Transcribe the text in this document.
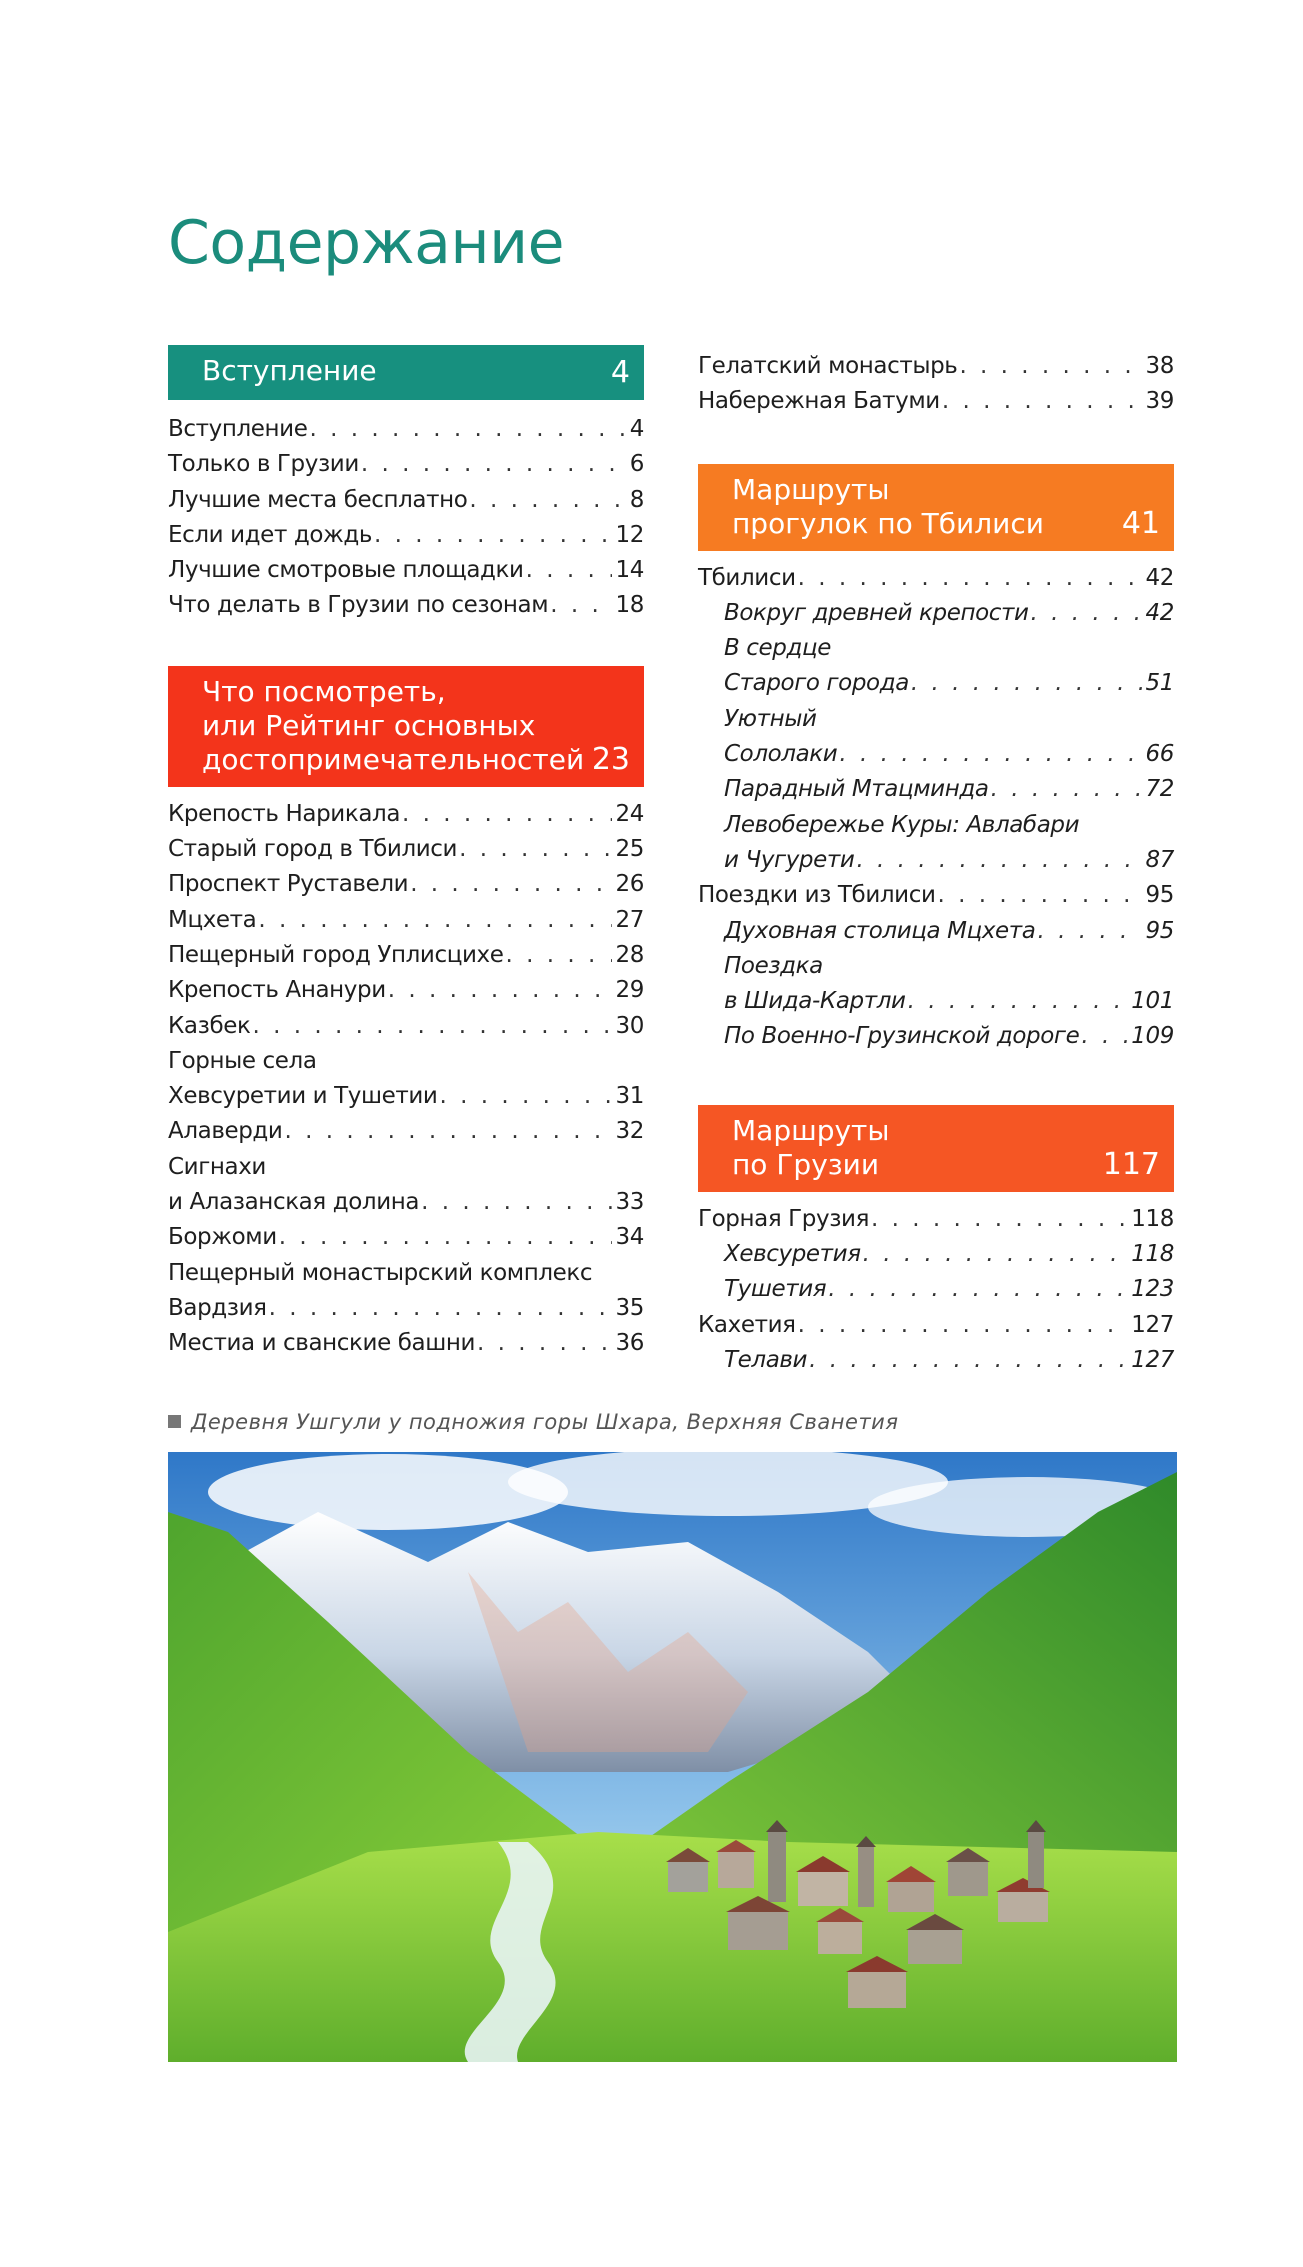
Содержание
Вступление	4
Вступление . . .	4
Только в Грузии . . .	6
Лучшие места бесплатно . . .	8
Если идет дождь . . .	12
Лучшие смотровые площадки . . .	14
Что делать в Грузии по сезонам . . .	18
Что посмотреть,
или Рейтинг основных
достопримечательностей 23
Крепость Нарикала . . .	24
Старый город в Тбилиси . . .	25
Проспект Руставели . . .	26
Мцхета . . .	27
Пещерный город Уплисцихе . . .	28
Крепость Ананури . . .	29
Казбек . . .	30
Горные села
Хевсуретии и Тушетии . . .	31
Алаверди . . .	32
Сигнахи
и Алазанская долина . . .	33
Боржоми . . .	34
Пещерный монастырский комплекс
Вардзия . . .	35
Местиа и сванские башни . . .	36
Гелатский монастырь . . .	38
Набережная Батуми . . .	39
Маршруты
прогулок по Тбилиси	41
Тбилиси . . .	42
Вокруг древней крепости . . .	42
В сердце
Старого города . . .	51
Уютный
Сололаки . . .	66
Парадный Мтацминда . . .	72
Левобережье Куры: Авлабари
и Чугурети . . .	87
Поездки из Тбилиси . . .	95
Духовная столица Мцхета . . .	95
Поездка
в Шида-Картли . . .	101
По Военно-Грузинской дороге . . . 109
Маршруты
по Грузии	117
Горная Грузия . . .	118
Хевсуретия . . .	118
Тушетия . . .	123
Кахетия . . .	127
Телави . . .	127
Деревня Ушгули у подножия горы Шхара, Верхняя Сванетия
